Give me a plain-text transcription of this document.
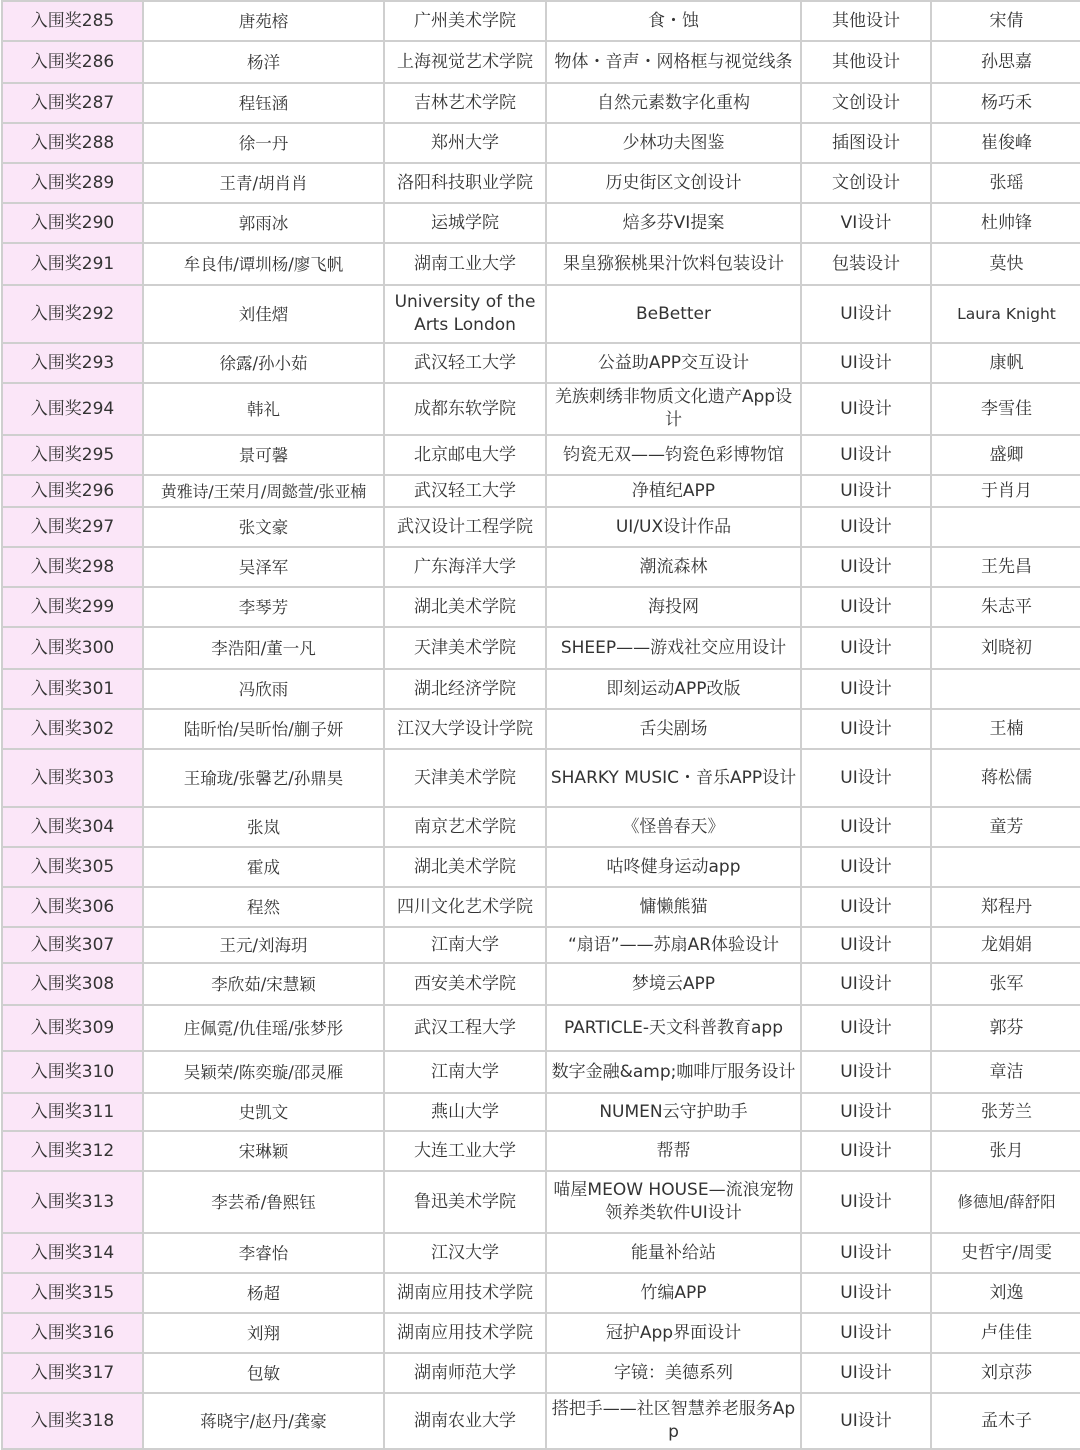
入围奖285	唐苑榕	广州美术学院	食・蚀	其他设计	宋倩
入围奖286	杨洋	上海视觉艺术学院	物体・音声・网格框与视觉线条	其他设计	孙思嘉
入围奖287	程钰涵	吉林艺术学院	自然元素数字化重构	文创设计	杨巧禾
入围奖288	徐一丹	郑州大学	少林功夫图鉴	插图设计	崔俊峰
入围奖289	王青/胡肖肖	洛阳科技职业学院	历史街区文创设计	文创设计	张瑶
入围奖290	郭雨冰	运城学院	焙多芬VI提案	VI设计	杜帅锋
入围奖291	牟良伟/谭圳杨/廖飞帆	湖南工业大学	果皇猕猴桃果汁饮料包装设计	包装设计	莫快
入围奖292	刘佳熠	University of the Arts London	BeBetter	UI设计	Laura Knight
入围奖293	徐露/孙小茹	武汉轻工大学	公益助APP交互设计	UI设计	康帆
入围奖294	韩礼	成都东软学院	羌族刺绣非物质文化遗产App设计	UI设计	李雪佳
入围奖295	景可馨	北京邮电大学	钧瓷无双——钧瓷色彩博物馆	UI设计	盛卿
入围奖296	黄雅诗/王荣月/周懿萱/张亚楠	武汉轻工大学	净植纪APP	UI设计	于肖月
入围奖297	张文豪	武汉设计工程学院	UI/UX设计作品	UI设计	
入围奖298	吴泽军	广东海洋大学	潮流森林	UI设计	王先昌
入围奖299	李琴芳	湖北美术学院	海投网	UI设计	朱志平
入围奖300	李浩阳/董一凡	天津美术学院	SHEEP——游戏社交应用设计	UI设计	刘晓初
入围奖301	冯欣雨	湖北经济学院	即刻运动APP改版	UI设计	
入围奖302	陆昕怡/吴昕怡/蒯子妍	江汉大学设计学院	舌尖剧场	UI设计	王楠
入围奖303	王瑜珑/张馨艺/孙鼎昊	天津美术学院	SHARKY MUSIC・音乐APP设计	UI设计	蒋松儒
入围奖304	张岚	南京艺术学院	《怪兽春天》	UI设计	童芳
入围奖305	霍成	湖北美术学院	咕咚健身运动app	UI设计	
入围奖306	程然	四川文化艺术学院	慵懒熊猫	UI设计	郑程丹
入围奖307	王元/刘海玥	江南大学	“扇语”——苏扇AR体验设计	UI设计	龙娟娟
入围奖308	李欣茹/宋慧颖	西安美术学院	梦境云APP	UI设计	张军
入围奖309	庄佩霓/仇佳瑶/张梦彤	武汉工程大学	PARTICLE-天文科普教育app	UI设计	郭芬
入围奖310	吴颖荣/陈奕璇/邵灵雁	江南大学	数字金融&amp;咖啡厅服务设计	UI设计	章洁
入围奖311	史凯文	燕山大学	NUMEN云守护助手	UI设计	张芳兰
入围奖312	宋琳颖	大连工业大学	帮帮	UI设计	张月
入围奖313	李芸希/鲁熙钰	鲁迅美术学院	喵屋MEOW HOUSE—流浪宠物领养类软件UI设计	UI设计	修德旭/薛舒阳
入围奖314	李睿怡	江汉大学	能量补给站	UI设计	史哲宇/周雯
入围奖315	杨超	湖南应用技术学院	竹编APP	UI设计	刘逸
入围奖316	刘翔	湖南应用技术学院	冠护App界面设计	UI设计	卢佳佳
入围奖317	包敏	湖南师范大学	字镜：美德系列	UI设计	刘京莎
入围奖318	蒋晓宇/赵丹/龚豪	湖南农业大学	搭把手——社区智慧养老服务App	UI设计	孟木子
